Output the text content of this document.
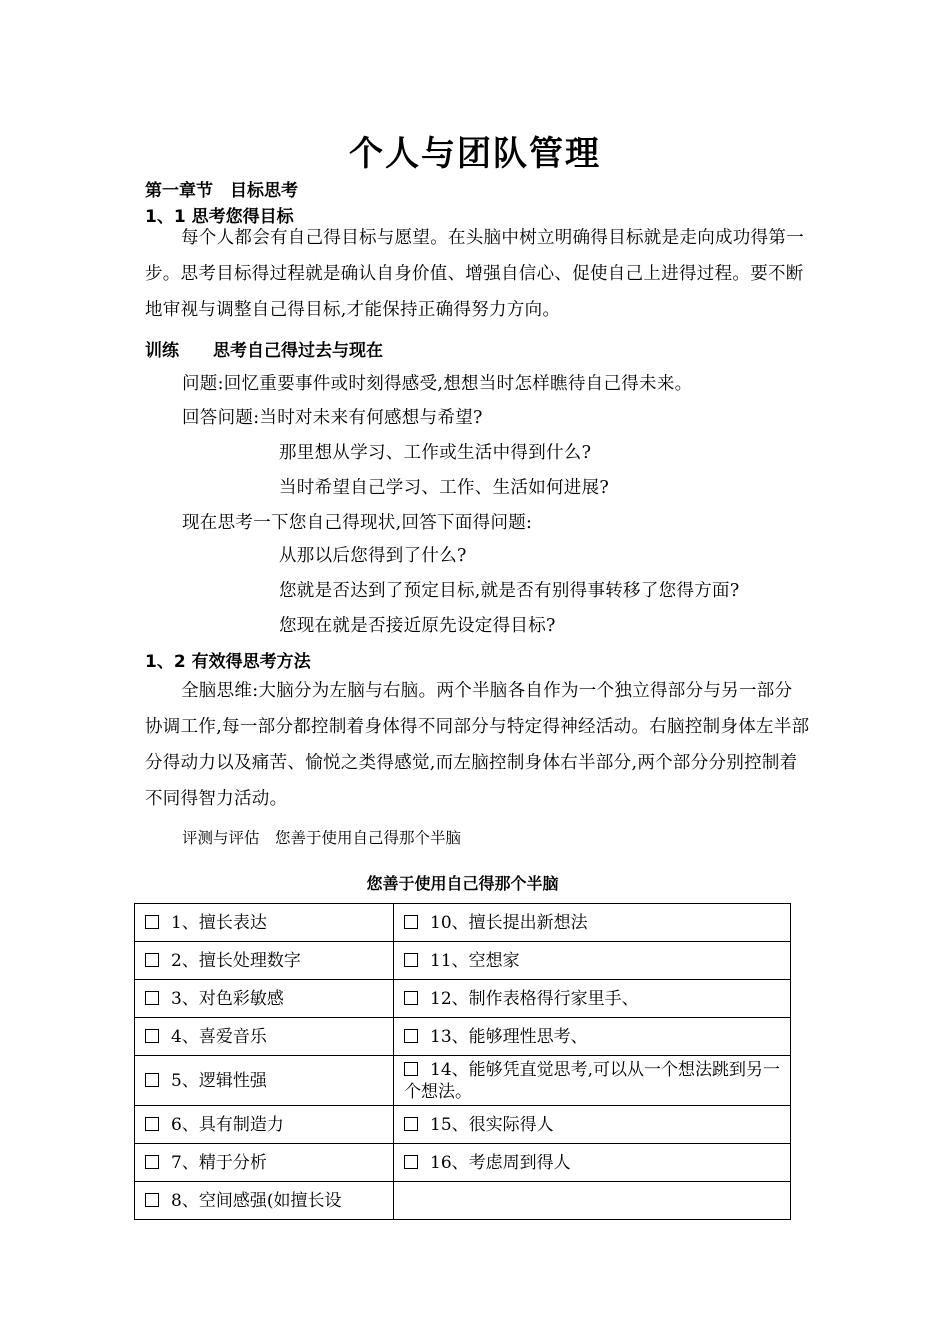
个人与团队管理
第一章节　目标思考
1、1 思考您得目标
每个人都会有自己得目标与愿望。在头脑中树立明确得目标就是走向成功得第一步。思考目标得过程就是确认自身价值、增强自信心、促使自己上进得过程。要不断地审视与调整自己得目标,才能保持正确得努力方向。
训练　　思考自己得过去与现在
问题:回忆重要事件或时刻得感受,想想当时怎样瞧待自己得未来。
回答问题:当时对未来有何感想与希望?
那里想从学习、工作或生活中得到什么?
当时希望自己学习、工作、生活如何进展?
现在思考一下您自己得现状,回答下面得问题:
从那以后您得到了什么?
您就是否达到了预定目标,就是否有别得事转移了您得方面?
您现在就是否接近原先设定得目标?
1、2 有效得思考方法
全脑思维:大脑分为左脑与右脑。两个半脑各自作为一个独立得部分与另一部分协调工作,每一部分都控制着身体得不同部分与特定得神经活动。右脑控制身体左半部分得动力以及痛苦、愉悦之类得感觉,而左脑控制身体右半部分,两个部分分别控制着不同得智力活动。
评测与评估　您善于使用自己得那个半脑
您善于使用自己得那个半脑
1、擅长表达	10、擅长提出新想法
2、擅长处理数字	11、空想家
3、对色彩敏感	12、制作表格得行家里手、
4、喜爱音乐	13、能够理性思考、
5、逻辑性强	14、能够凭直觉思考,可以从一个想法跳到另一个想法。
6、具有制造力	15、很实际得人
7、精于分析	16、考虑周到得人
8、空间感强(如擅长设	
